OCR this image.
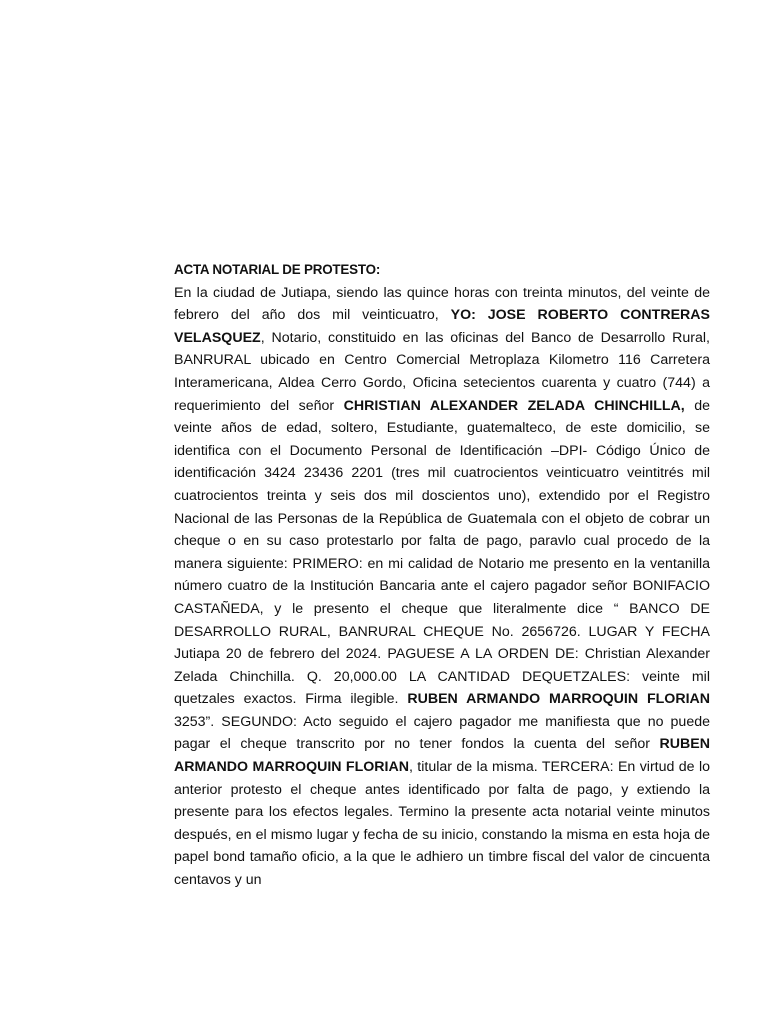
ACTA NOTARIAL DE PROTESTO:

En la ciudad de Jutiapa, siendo las quince horas con treinta minutos, del veinte de febrero del año dos mil veinticuatro, YO: JOSE ROBERTO CONTRERAS VELASQUEZ, Notario, constituido en las oficinas del Banco de Desarrollo Rural, BANRURAL ubicado en Centro Comercial Metroplaza Kilometro 116 Carretera Interamericana, Aldea Cerro Gordo, Oficina setecientos cuarenta y cuatro (744) a requerimiento del señor CHRISTIAN ALEXANDER ZELADA CHINCHILLA, de veinte años de edad, soltero, Estudiante, guatemalteco, de este domicilio, se identifica con el Documento Personal de Identificación –DPI- Código Único de identificación 3424 23436 2201 (tres mil cuatrocientos veinticuatro veintitrés mil cuatrocientos treinta y seis dos mil doscientos uno), extendido por el Registro Nacional de las Personas de la República de Guatemala con el objeto de cobrar un cheque o en su caso protestarlo por falta de pago, paravlo cual procedo de la manera siguiente: PRIMERO: en mi calidad de Notario me presento en la ventanilla número cuatro de la Institución Bancaria ante el cajero pagador señor BONIFACIO CASTAÑEDA, y le presento el cheque que literalmente dice “ BANCO DE DESARROLLO RURAL, BANRURAL CHEQUE No. 2656726. LUGAR Y FECHA Jutiapa 20 de febrero del 2024. PAGUESE A LA ORDEN DE: Christian Alexander Zelada Chinchilla. Q. 20,000.00 LA CANTIDAD DEQUETZALES: veinte mil quetzales exactos. Firma ilegible. RUBEN ARMANDO MARROQUIN FLORIAN 3253”. SEGUNDO: Acto seguido el cajero pagador me manifiesta que no puede pagar el cheque transcrito por no tener fondos la cuenta del señor RUBEN ARMANDO MARROQUIN FLORIAN, titular de la misma. TERCERA: En virtud de lo anterior protesto el cheque antes identificado por falta de pago, y extiendo la presente para los efectos legales. Termino la presente acta notarial veinte minutos después, en el mismo lugar y fecha de su inicio, constando la misma en esta hoja de papel bond tamaño oficio, a la que le adhiero un timbre fiscal del valor de cincuenta centavos y un
